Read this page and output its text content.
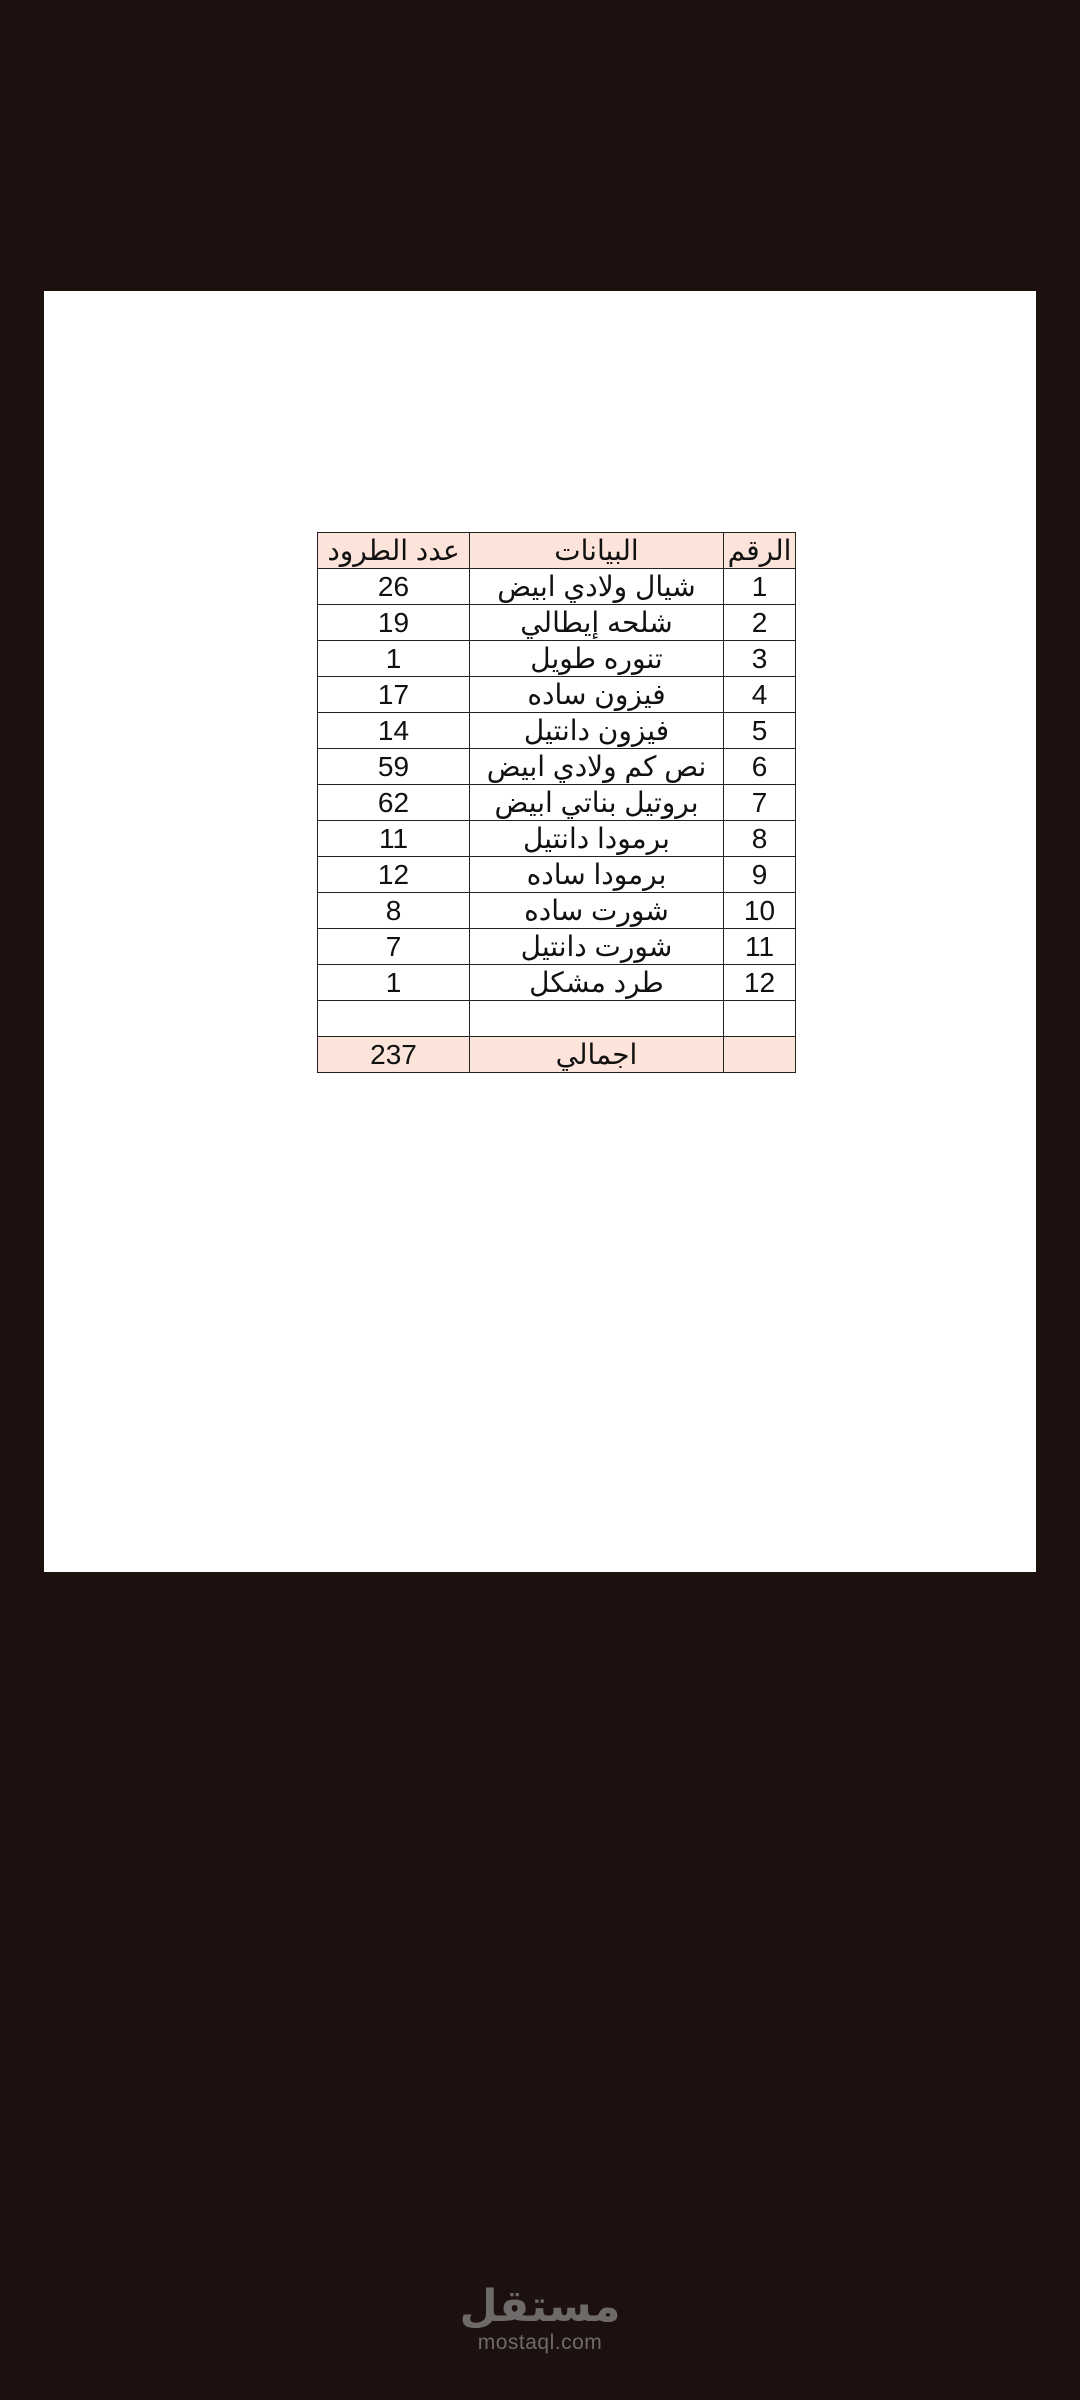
الرقم	البيانات	عدد الطرود
1	شيال ولادي ابيض	26
2	شلحه إيطالي	19
3	تنوره طويل	1
4	فيزون ساده	17
5	فيزون دانتيل	14
6	نص كم ولادي ابيض	59
7	بروتيل بناتي ابيض	62
8	برمودا دانتيل	11
9	برمودا ساده	12
10	شورت ساده	8
11	شورت دانتيل	7
12	طرد مشكل	1

	اجمالي	237
مستقل
mostaql.com
